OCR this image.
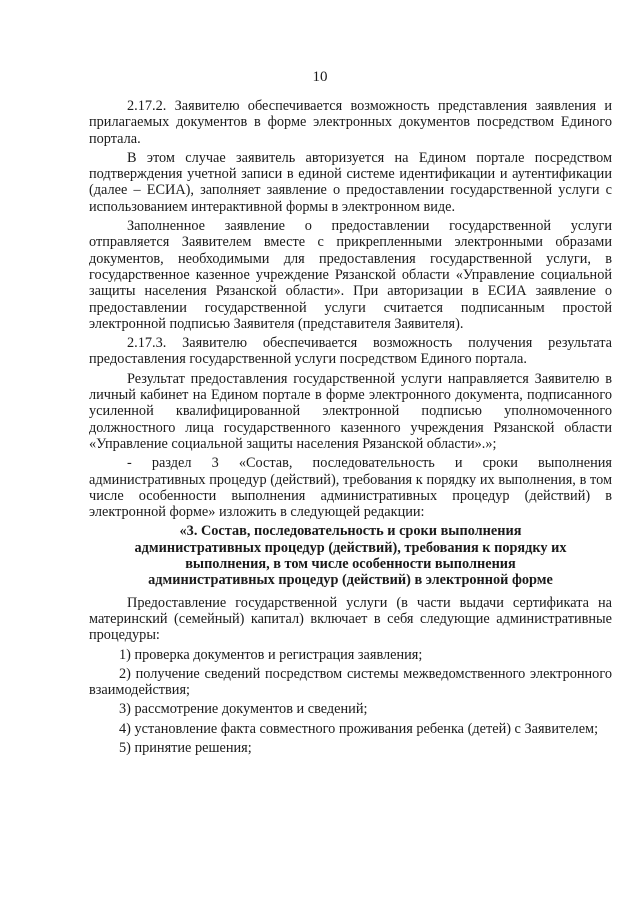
10

2.17.2. Заявителю обеспечивается возможность представления заявления и прилагаемых документов в форме электронных документов посредством Единого портала.

В этом случае заявитель авторизуется на Едином портале посредством подтверждения учетной записи в единой системе идентификации и аутентификации (далее – ЕСИА), заполняет заявление о предоставлении государственной услуги с использованием интерактивной формы в электронном виде.

Заполненное заявление о предоставлении государственной услуги отправляется Заявителем вместе с прикрепленными электронными образами документов, необходимыми для предоставления государственной услуги, в государственное казенное учреждение Рязанской области «Управление социальной защиты населения Рязанской области». При авторизации в ЕСИА заявление о предоставлении государственной услуги считается подписанным простой электронной подписью Заявителя (представителя Заявителя).

2.17.3. Заявителю обеспечивается возможность получения результата предоставления государственной услуги посредством Единого портала.

Результат предоставления государственной услуги направляется Заявителю в личный кабинет на Едином портале в форме электронного документа, подписанного усиленной квалифицированной электронной подписью уполномоченного должностного лица государственного казенного учреждения Рязанской области «Управление социальной защиты населения Рязанской области».»;

- раздел 3 «Состав, последовательность и сроки выполнения административных процедур (действий), требования к порядку их выполнения, в том числе особенности выполнения административных процедур (действий) в электронной форме» изложить в следующей редакции:

«3. Состав, последовательность и сроки выполнения
административных процедур (действий), требования к порядку их
выполнения, в том числе особенности выполнения
административных процедур (действий) в электронной форме

Предоставление государственной услуги (в части выдачи сертификата на материнский (семейный) капитал) включает в себя следующие административные процедуры:

1) проверка документов и регистрация заявления;

2) получение сведений посредством системы межведомственного электронного взаимодействия;

3) рассмотрение документов и сведений;

4) установление факта совместного проживания ребенка (детей) с Заявителем;

5) принятие решения;
